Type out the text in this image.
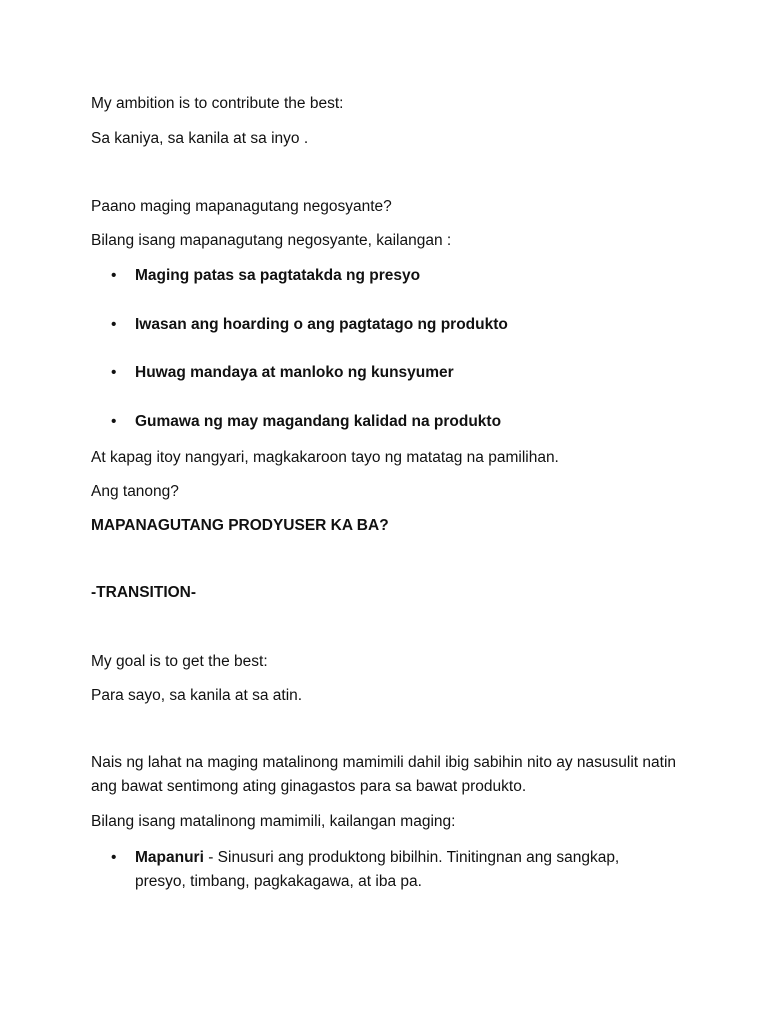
My ambition is to contribute the best:
Sa kaniya, sa kanila at sa inyo .
Paano maging mapanagutang negosyante?
Bilang isang mapanagutang negosyante, kailangan :
•	Maging patas sa pagtatakda ng presyo
•	Iwasan ang hoarding o ang pagtatago ng produkto
•	Huwag mandaya at manloko ng kunsyumer
•	Gumawa ng may magandang kalidad na produkto
At kapag itoy nangyari, magkakaroon tayo ng matatag na pamilihan.
Ang tanong?
MAPANAGUTANG PRODYUSER KA BA?
-TRANSITION-
My goal is to get the best:
Para sayo, sa kanila at sa atin.
Nais ng lahat na maging matalinong mamimili dahil ibig sabihin nito ay nasusulit natin ang bawat sentimong ating ginagastos para sa bawat produkto.
Bilang isang matalinong mamimili, kailangan maging:
•	Mapanuri - Sinusuri ang produktong bibilhin. Tinitingnan ang sangkap, presyo, timbang, pagkakagawa, at iba pa.
